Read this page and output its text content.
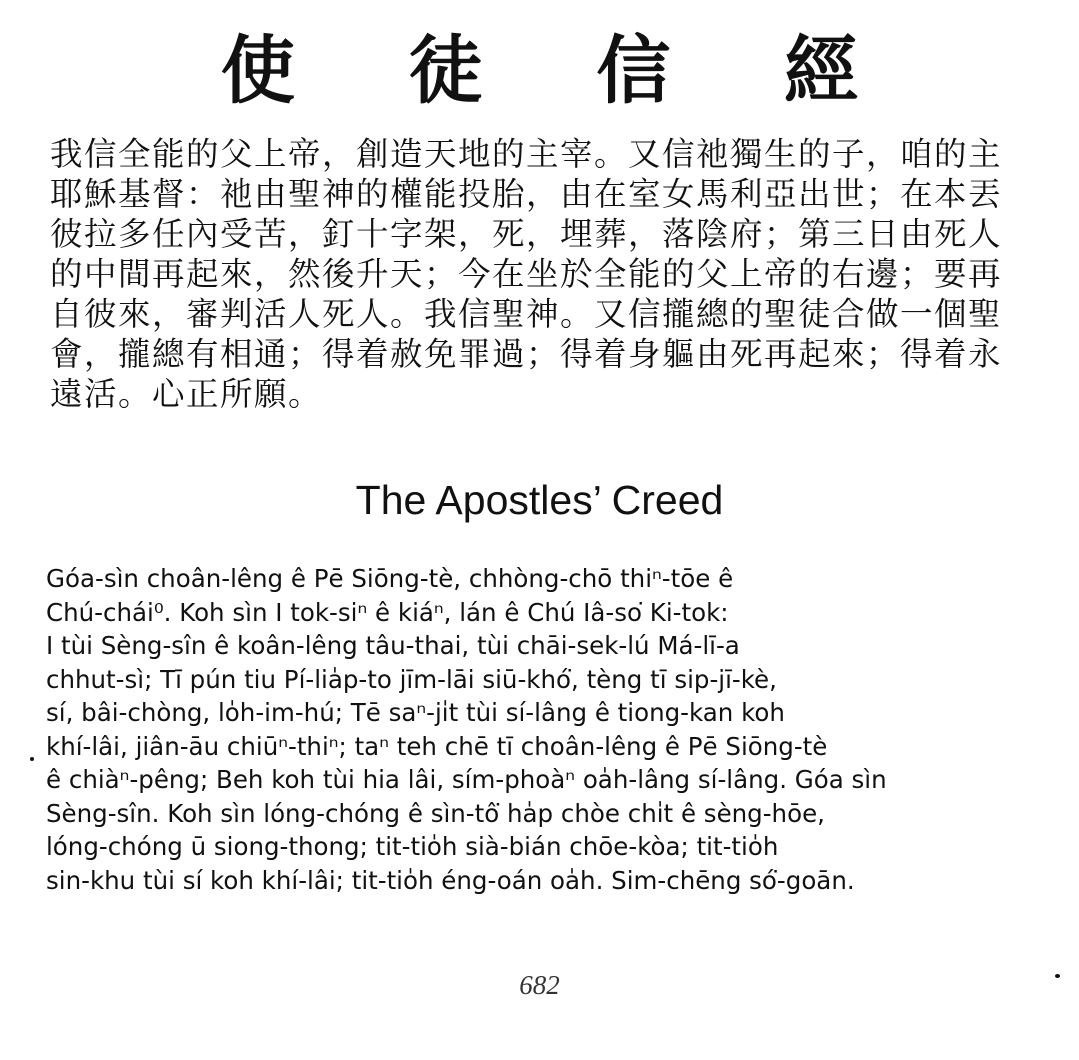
使 徒 信 經
我信全能的父上帝，創造天地的主宰。又信祂獨生的子，咱的主
耶穌基督：祂由聖神的權能投胎，由在室女馬利亞出世；在本丟
彼拉多任內受苦，釘十字架，死，埋葬，落陰府；第三日由死人
的中間再起來，然後升天；今在坐於全能的父上帝的右邊；要再
自彼來，審判活人死人。我信聖神。又信攏總的聖徒合做一個聖
會，攏總有相通；得着赦免罪過；得着身軀由死再起來；得着永
遠活。心正所願。
The Apostles’ Creed
Góa-sìn choân-lêng ê Pē Siōng-tè, chhòng-chō thiⁿ-tōe ê
Chú-chái⁰. Koh sìn I tok-siⁿ ê kiáⁿ, lán ê Chú Iâ-so͘ Ki-tok:
I tùi Sèng-sîn ê koân-lêng tâu-thai, tùi chāi-sek-lú Má-lī-a
chhut-sì; Tī pún tiu Pí-lia̍p-to jīm-lāi siū-khó͘, tèng tī sip-jī-kè,
sí, bâi-chòng, lo̍h-im-hú; Tē saⁿ-ji̍t tùi sí-lâng ê tiong-kan koh
khí-lâi, jiân-āu chiūⁿ-thiⁿ; taⁿ teh chē tī choân-lêng ê Pē Siōng-tè
ê chiàⁿ-pêng; Beh koh tùi hia lâi, sím-phoàⁿ oa̍h-lâng sí-lâng. Góa sìn
Sèng-sîn. Koh sìn lóng-chóng ê sìn-tô͘ ha̍p chòe chi̍t ê sèng-hōe,
lóng-chóng ū siong-thong; tit-tio̍h sià-bián chōe-kòa; tit-tio̍h
sin-khu tùi sí koh khí-lâi; tit-tio̍h éng-oán oa̍h. Sim-chēng só͘-goān.
682
